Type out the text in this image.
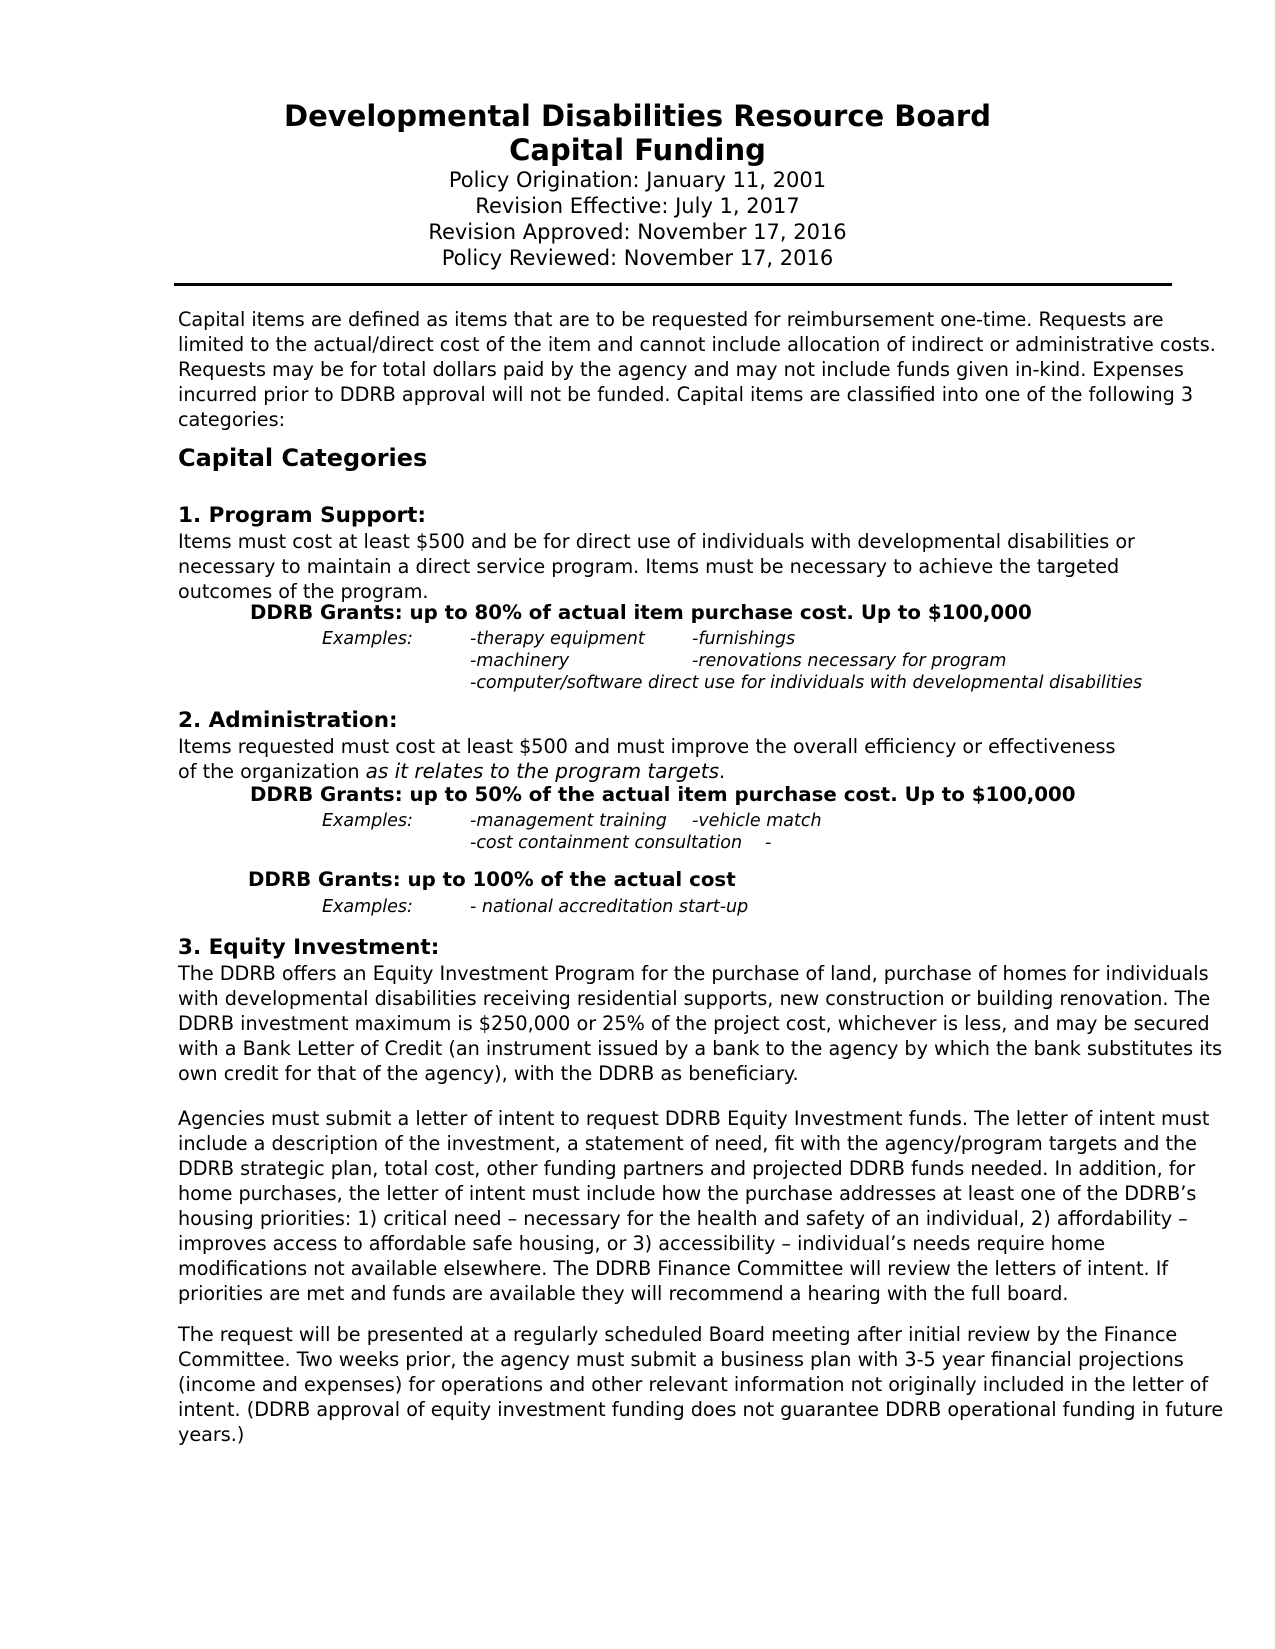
Developmental Disabilities Resource Board
Capital Funding
Policy Origination: January 11, 2001
Revision Effective: July 1, 2017
Revision Approved: November 17, 2016
Policy Reviewed: November 17, 2016
Capital items are defined as items that are to be requested for reimbursement one-time. Requests are
limited to the actual/direct cost of the item and cannot include allocation of indirect or administrative costs.
Requests may be for total dollars paid by the agency and may not include funds given in-kind. Expenses
incurred prior to DDRB approval will not be funded. Capital items are classified into one of the following 3
categories:
Capital Categories
1. Program Support:
Items must cost at least $500 and be for direct use of individuals with developmental disabilities or
necessary to maintain a direct service program. Items must be necessary to achieve the targeted
outcomes of the program.
DDRB Grants: up to 80% of actual item purchase cost. Up to $100,000
Examples:	-therapy equipment	-furnishings
-machinery	-renovations necessary for program
-computer/software direct use for individuals with developmental disabilities
2. Administration:
Items requested must cost at least $500 and must improve the overall efficiency or effectiveness
of the organization as it relates to the program targets.
DDRB Grants: up to 50% of the actual item purchase cost. Up to $100,000
Examples:	-management training -vehicle match
-cost containment consultation -
DDRB Grants: up to 100% of the actual cost
Examples:	- national accreditation start-up
3. Equity Investment:
The DDRB offers an Equity Investment Program for the purchase of land, purchase of homes for individuals
with developmental disabilities receiving residential supports, new construction or building renovation. The
DDRB investment maximum is $250,000 or 25% of the project cost, whichever is less, and may be secured
with a Bank Letter of Credit (an instrument issued by a bank to the agency by which the bank substitutes its
own credit for that of the agency), with the DDRB as beneficiary.
Agencies must submit a letter of intent to request DDRB Equity Investment funds. The letter of intent must
include a description of the investment, a statement of need, fit with the agency/program targets and the
DDRB strategic plan, total cost, other funding partners and projected DDRB funds needed. In addition, for
home purchases, the letter of intent must include how the purchase addresses at least one of the DDRB’s
housing priorities: 1) critical need – necessary for the health and safety of an individual, 2) affordability –
improves access to affordable safe housing, or 3) accessibility – individual’s needs require home
modifications not available elsewhere. The DDRB Finance Committee will review the letters of intent. If
priorities are met and funds are available they will recommend a hearing with the full board.
The request will be presented at a regularly scheduled Board meeting after initial review by the Finance
Committee. Two weeks prior, the agency must submit a business plan with 3-5 year financial projections
(income and expenses) for operations and other relevant information not originally included in the letter of
intent. (DDRB approval of equity investment funding does not guarantee DDRB operational funding in future
years.)
